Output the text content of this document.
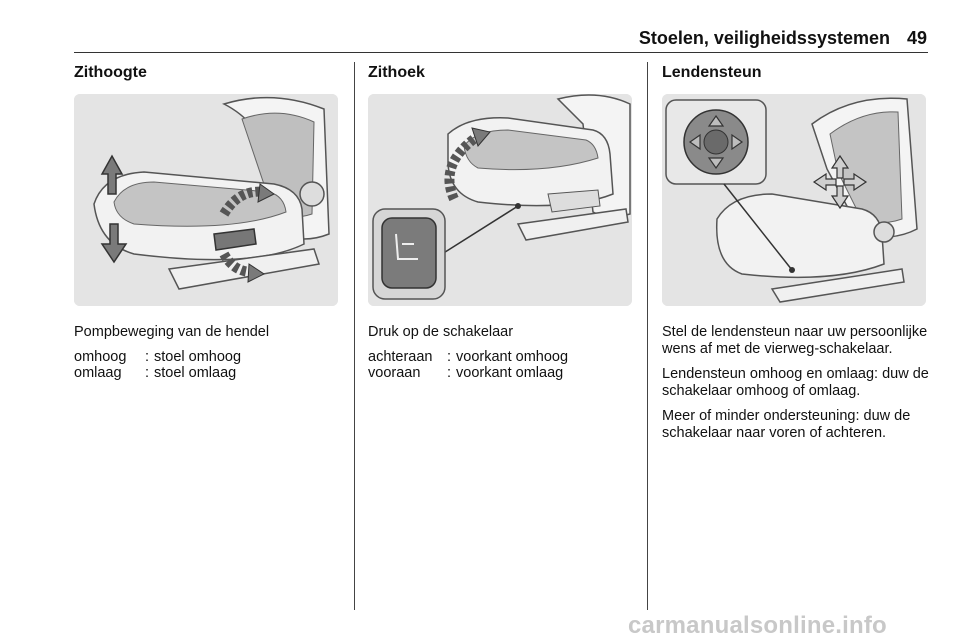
Stoelen, veiligheidssystemen 49
Zithoogte
Pompbeweging van de hendel
omhoog	: stoel omhoog
omlaag	: stoel omlaag
Zithoek
Druk op de schakelaar
achteraan : voorkant omhoog
vooraan	: voorkant omlaag
Lendensteun

Stel de lendensteun naar uw persoonlijke wens af met de vierweg-schakelaar.

Lendensteun omhoog en omlaag: duw de schakelaar omhoog of omlaag.

Meer of minder ondersteuning: duw de schakelaar naar voren of achteren.

carmanualsonline.info
